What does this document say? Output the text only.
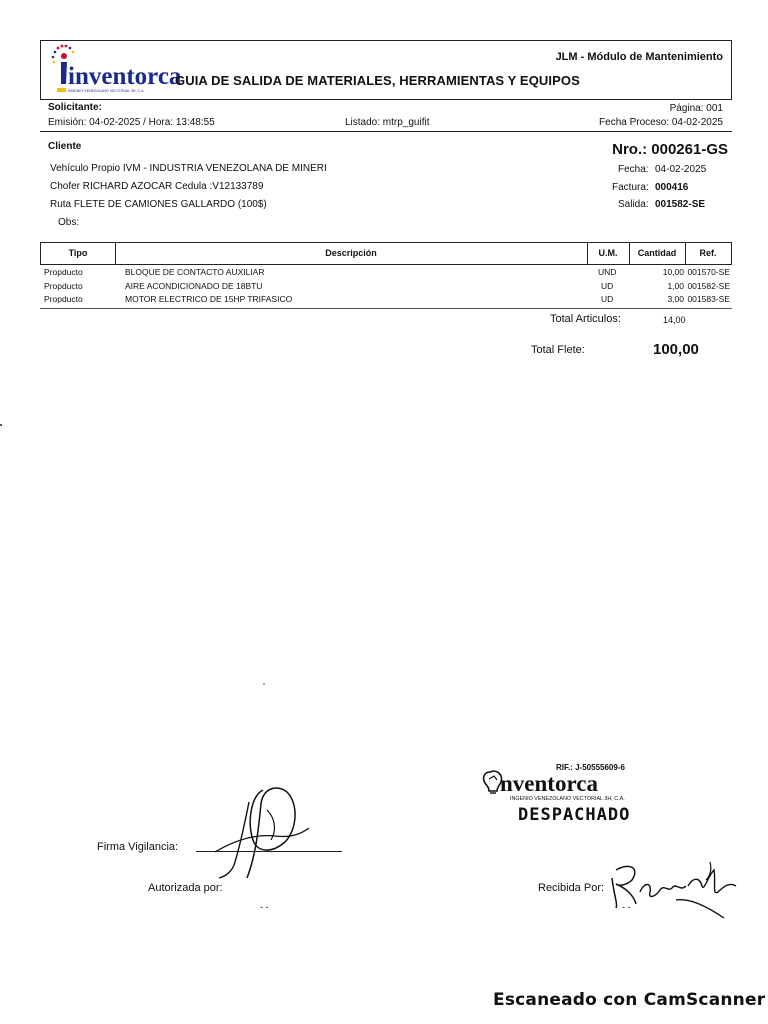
inventorca
INGENIO VENEZOLANO VECTORIAL 3H, C.A.
JLM - Módulo de Mantenimiento
GUIA DE SALIDA DE MATERIALES, HERRAMIENTAS Y EQUIPOS
Solicitante:
Emisión: 04-02-2025 / Hora: 13:48:55	Listado: mtrp_guifit
Página: 001
Fecha Proceso: 04-02-2025
Cliente
Vehículo Propio IVM - INDUSTRIA VENEZOLANA DE MINERI
Chofer RICHARD AZOCAR Cedula :V12133789
Ruta FLETE DE CAMIONES GALLARDO (100$)
Obs:
Nro.: 000261-GS
Fecha: 04-02-2025
Factura: 000416
Salida: 001582-SE
Tipo	Descripción	U.M.	Cantidad	Ref.
Propducto	BLOQUE DE CONTACTO AUXILIAR	UND	10,00 001570-SE
Propducto	AIRE ACONDICIONADO DE 18BTU	UD	1,00 001582-SE
Propducto	MOTOR ELECTRICO DE 15HP TRIFASICO	UD	3,00 001583-SE
Total Articulos:	14,00
Total Flete:	100,00
RIF.: J-50555609-6
nventorca
INGENIO VENEZOLANO VECTORIAL 3H, C.A.
DESPACHADO
Firma Vigilancia:
Autorizada por:
- -
Recibida Por:
- -
Escaneado con CamScanner
